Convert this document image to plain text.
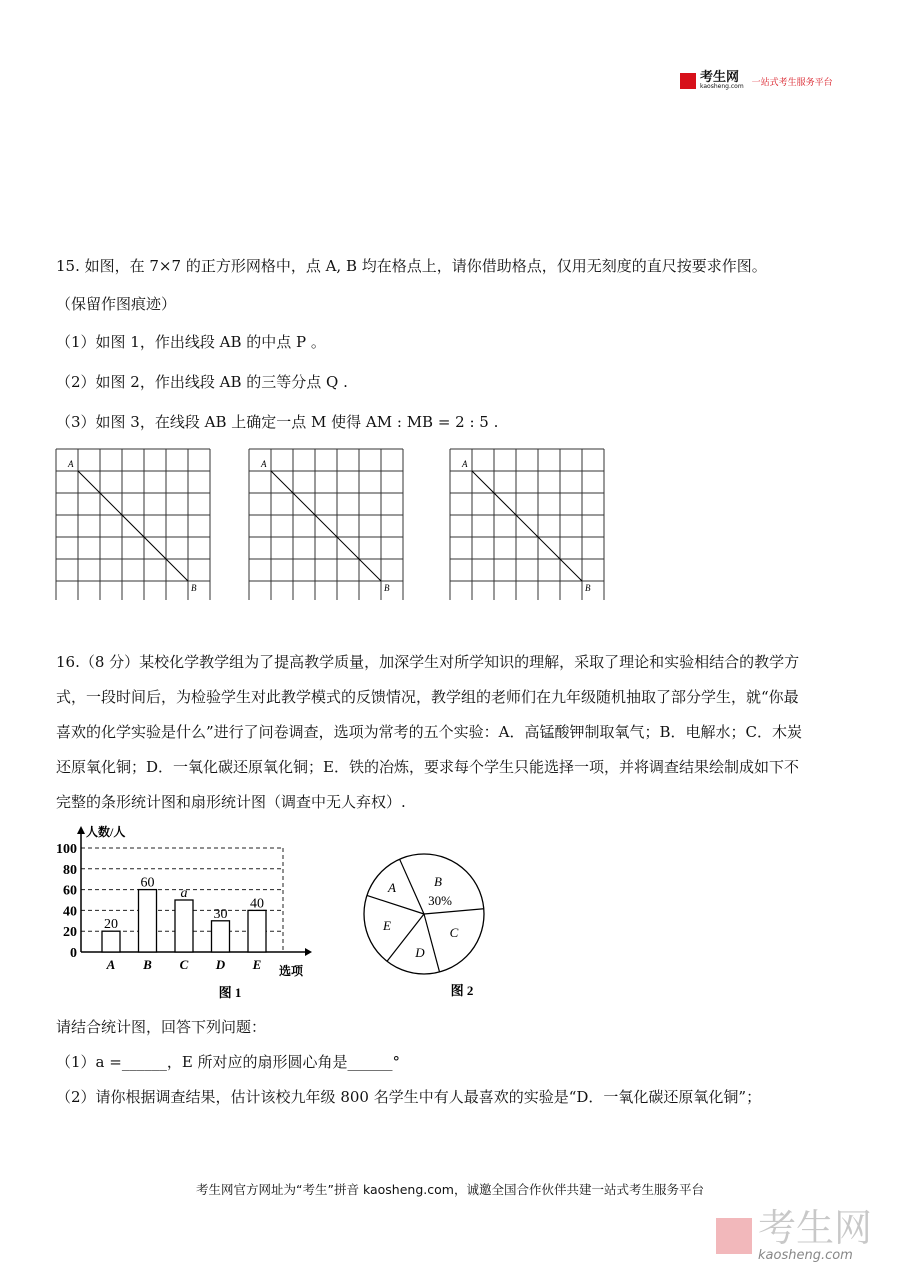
考生网
kaosheng.com 一站式考生服务平台
15. 如图，在 7×7 的正方形网格中，点 A, B 均在格点上，请你借助格点，仅用无刻度的直尺按要求作图。
（保留作图痕迹）
（1）如图 1，作出线段 AB 的中点 P 。
（2）如图 2，作出线段 AB 的三等分点 Q .
（3）如图 3，在线段 AB 上确定一点 M 使得 AM : MB = 2 : 5 .
A
B
A
B
A
B
16.（8 分）某校化学教学组为了提高教学质量，加深学生对所学知识的理解，采取了理论和实验相结合的教学方
式，一段时间后，为检验学生对此教学模式的反馈情况，教学组的老师们在九年级随机抽取了部分学生，就“你最
喜欢的化学实验是什么”进行了问卷调查，选项为常考的五个实验：A．高锰酸钾制取氧气；B．电解水；C．木炭
还原氧化铜；D．一氧化碳还原氧化铜；E．铁的冶炼，要求每个学生只能选择一项，并将调查结果绘制成如下不
完整的条形统计图和扇形统计图（调查中无人弃权）.
0
20
40
60
80
100
人数/人
选项
20
A
60
B
a
C
30
D
40
E
图 1
A	B
C
D
E
30%
图 2
请结合统计图，回答下列问题：
（1）a =______，E 所对应的扇形圆心角是______°
（2）请你根据调查结果，估计该校九年级 800 名学生中有人最喜欢的实验是“D．一氧化碳还原氧化铜”；
考生网官方网址为“考生”拼音 kaosheng.com，诚邀全国合作伙伴共建一站式考生服务平台
考生网
kaosheng.com
